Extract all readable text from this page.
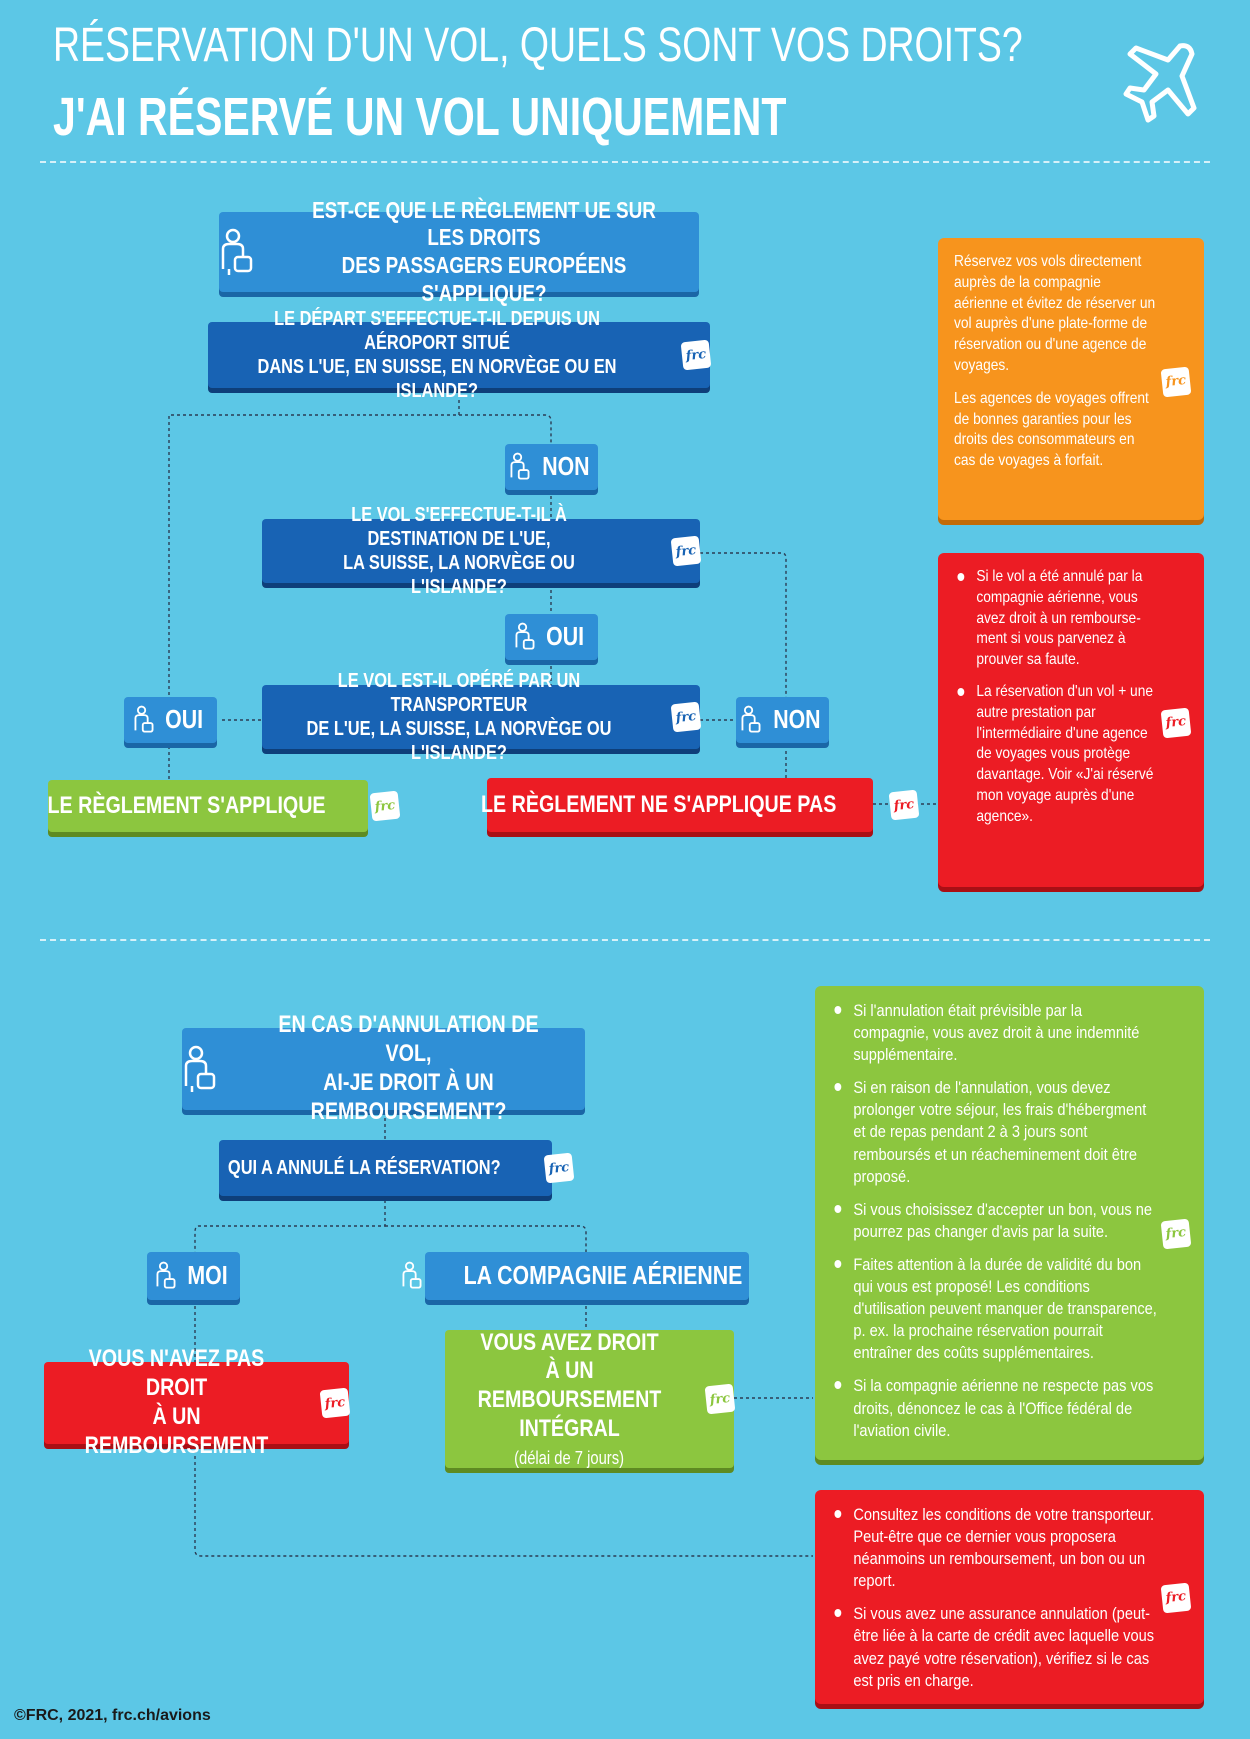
RÉSERVATION D'UN VOL, QUELS SONT VOS DROITS?
J'AI RÉSERVÉ UN VOL UNIQUEMENT
EST-CE QUE LE RÈGLEMENT UE SUR LES DROITS
DES PASSAGERS EUROPÉENS S'APPLIQUE?
LE DÉPART S'EFFECTUE-T-IL DEPUIS UN AÉROPORT SITUÉ
DANS L'UE, EN SUISSE, EN NORVÈGE OU EN ISLANDE?
frc
NON
LE VOL S'EFFECTUE-T-IL À DESTINATION DE L'UE,
LA SUISSE, LA NORVÈGE OU L'ISLANDE?
frc
OUI
LE VOL EST-IL OPÉRÉ PAR UN TRANSPORTEUR
DE L'UE, LA SUISSE, LA NORVÈGE OU L'ISLANDE?
frc
OUI	NON
LE RÈGLEMENT S'APPLIQUE	frc	LE RÈGLEMENT NE S'APPLIQUE PAS	frc

Réservez vos vols directement auprès de la compagnie aérienne et évitez de réserver un vol auprès d'une plate-forme de réservation ou d'une agence de voyages.

Les agences de voyages offrent de bonnes garanties pour les droits des consommateurs en cas de voyages à forfait.

frc
Si le vol a été annulé par la compagnie aérienne, vous avez droit à un rembourse-ment si vous parvenez à prouver sa faute.
La réservation d'un vol + une autre prestation par l'intermédiaire d'une agence de voyages vous protège davantage. Voir «J'ai réservé mon voyage auprès d'une agence».
frc
EN CAS D'ANNULATION DE VOL,
AI-JE DROIT À UN REMBOURSEMENT?
QUI A ANNULÉ LA RÉSERVATION?	frc
MOI	LA COMPAGNIE AÉRIENNE
VOUS N'AVEZ PAS DROIT
À UN REMBOURSEMENT
frc
VOUS AVEZ DROIT
À UN REMBOURSEMENT
INTÉGRAL
(délai de 7 jours)
frc
Si l'annulation était prévisible par la compagnie, vous avez droit à une indemnité supplémentaire.
Si en raison de l'annulation, vous devez prolonger votre séjour, les frais d'hébergment et de repas pendant 2 à 3 jours sont remboursés et un réacheminement doit être proposé.
Si vous choisissez d'accepter un bon, vous ne pourrez pas changer d'avis par la suite.
Faites attention à la durée de validité du bon qui vous est proposé! Les conditions d'utilisation peuvent manquer de transparence, p. ex. la prochaine réservation pourrait entraîner des coûts supplémentaires.
Si la compagnie aérienne ne respecte pas vos droits, dénoncez le cas à l'Office fédéral de l'aviation civile.
frc
Consultez les conditions de votre transporteur. Peut-être que ce dernier vous proposera néanmoins un remboursement, un bon ou un report.
Si vous avez une assurance annulation (peut-être liée à la carte de crédit avec laquelle vous avez payé votre réservation), vérifiez si le cas est pris en charge.
frc
©FRC, 2021, frc.ch/avions
